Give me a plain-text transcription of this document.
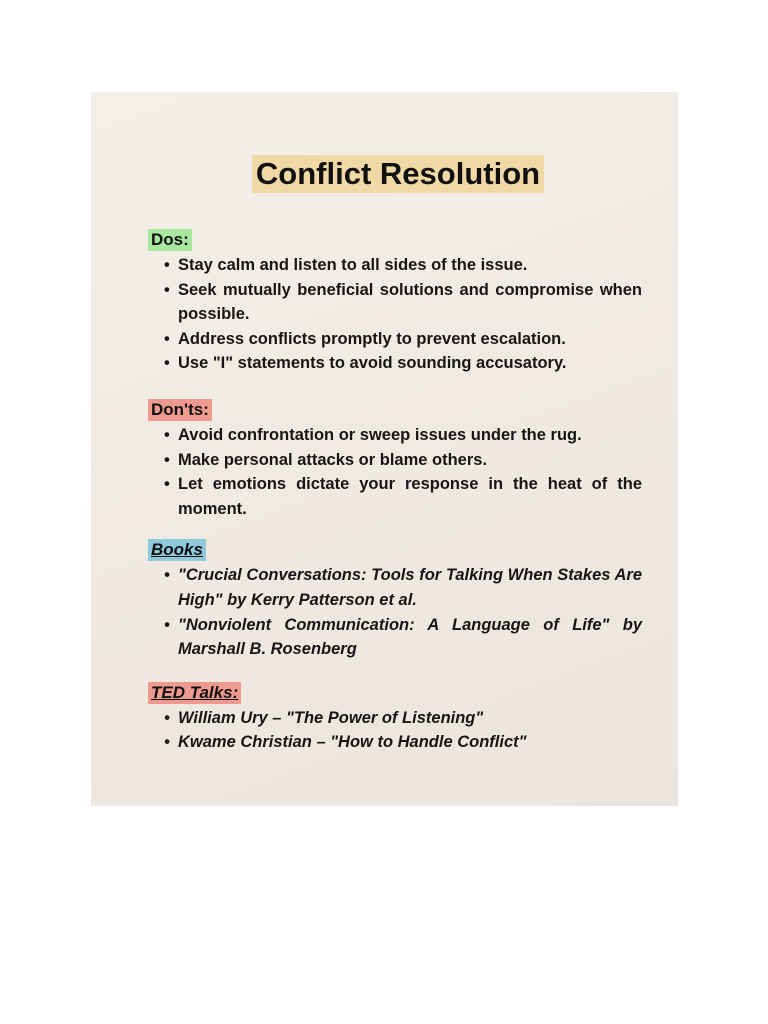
Conflict Resolution
Dos:
• Stay calm and listen to all sides of the issue.
• Seek mutually beneficial solutions and compromise when possible.
• Address conflicts promptly to prevent escalation.
• Use "I" statements to avoid sounding accusatory.
Don'ts:
• Avoid confrontation or sweep issues under the rug.
• Make personal attacks or blame others.
• Let emotions dictate your response in the heat of the moment.
Books
• "Crucial Conversations: Tools for Talking When Stakes Are High" by Kerry Patterson et al.
• "Nonviolent Communication: A Language of Life" by Marshall B. Rosenberg
TED Talks:
• William Ury – "The Power of Listening"
• Kwame Christian – "How to Handle Conflict"
